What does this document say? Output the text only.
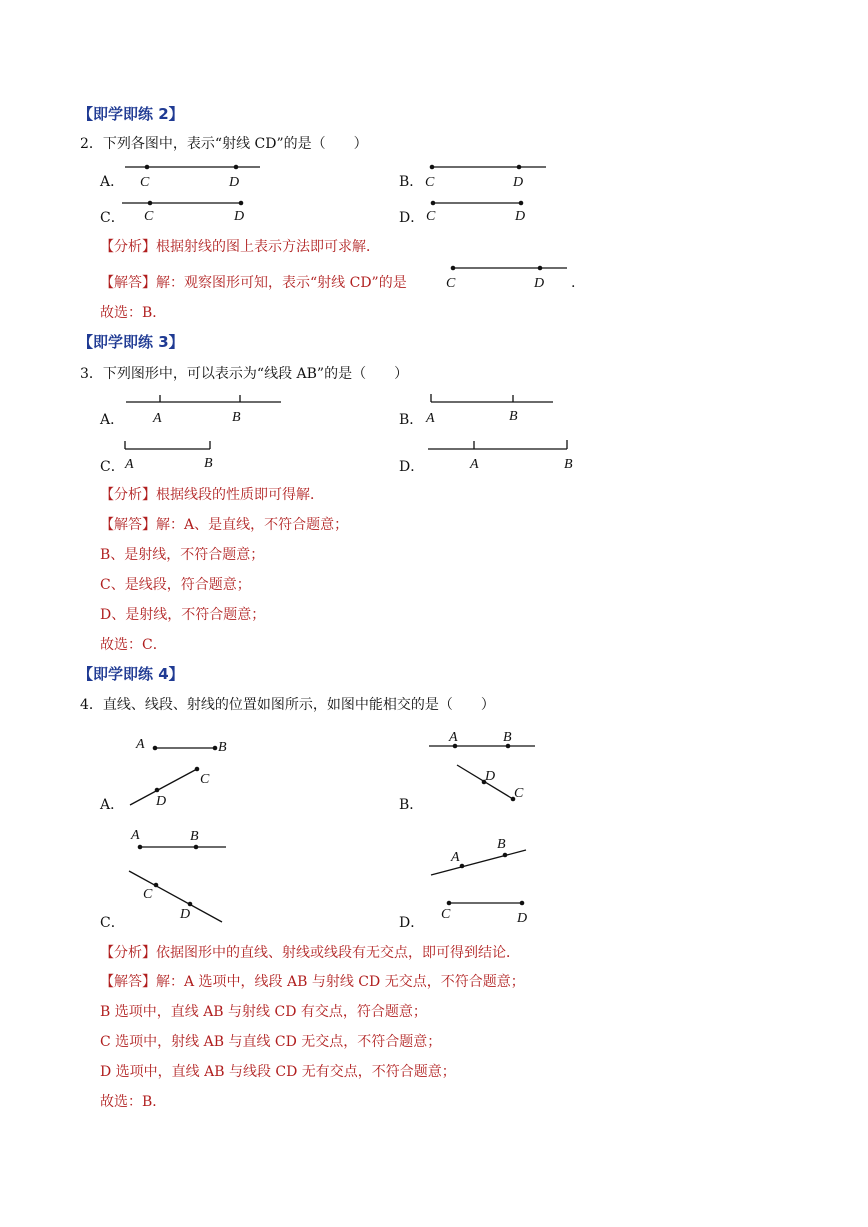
【即学即练 2】
2．下列各图中，表示“射线 CD”的是（　　）
A．	B．
C．	D．
C	D	C	D
C	D	C	D
C	D
A	B	A	B
A	B	A	B
A	B
C
D
A	B
D
C
A	B
C
D
A
B
C	D
【分析】根据射线的图上表示方法即可求解．
【解答】解：观察图形可知，表示“射线 CD”的是	.
故选：B．
【即学即练 3】
3．下列图形中，可以表示为“线段 AB”的是（　　）
A．	B．
C．	D．
【分析】根据线段的性质即可得解．
【解答】解：A、是直线，不符合题意；
B、是射线，不符合题意；
C、是线段，符合题意；
D、是射线，不符合题意；
故选：C．
【即学即练 4】
4．直线、线段、射线的位置如图所示，如图中能相交的是（　　）
A．	B．
C．	D．
【分析】依据图形中的直线、射线或线段有无交点，即可得到结论．
【解答】解：A 选项中，线段 AB 与射线 CD 无交点，不符合题意；
B 选项中，直线 AB 与射线 CD 有交点，符合题意；
C 选项中，射线 AB 与直线 CD 无交点，不符合题意；
D 选项中，直线 AB 与线段 CD 无有交点，不符合题意；
故选：B．
